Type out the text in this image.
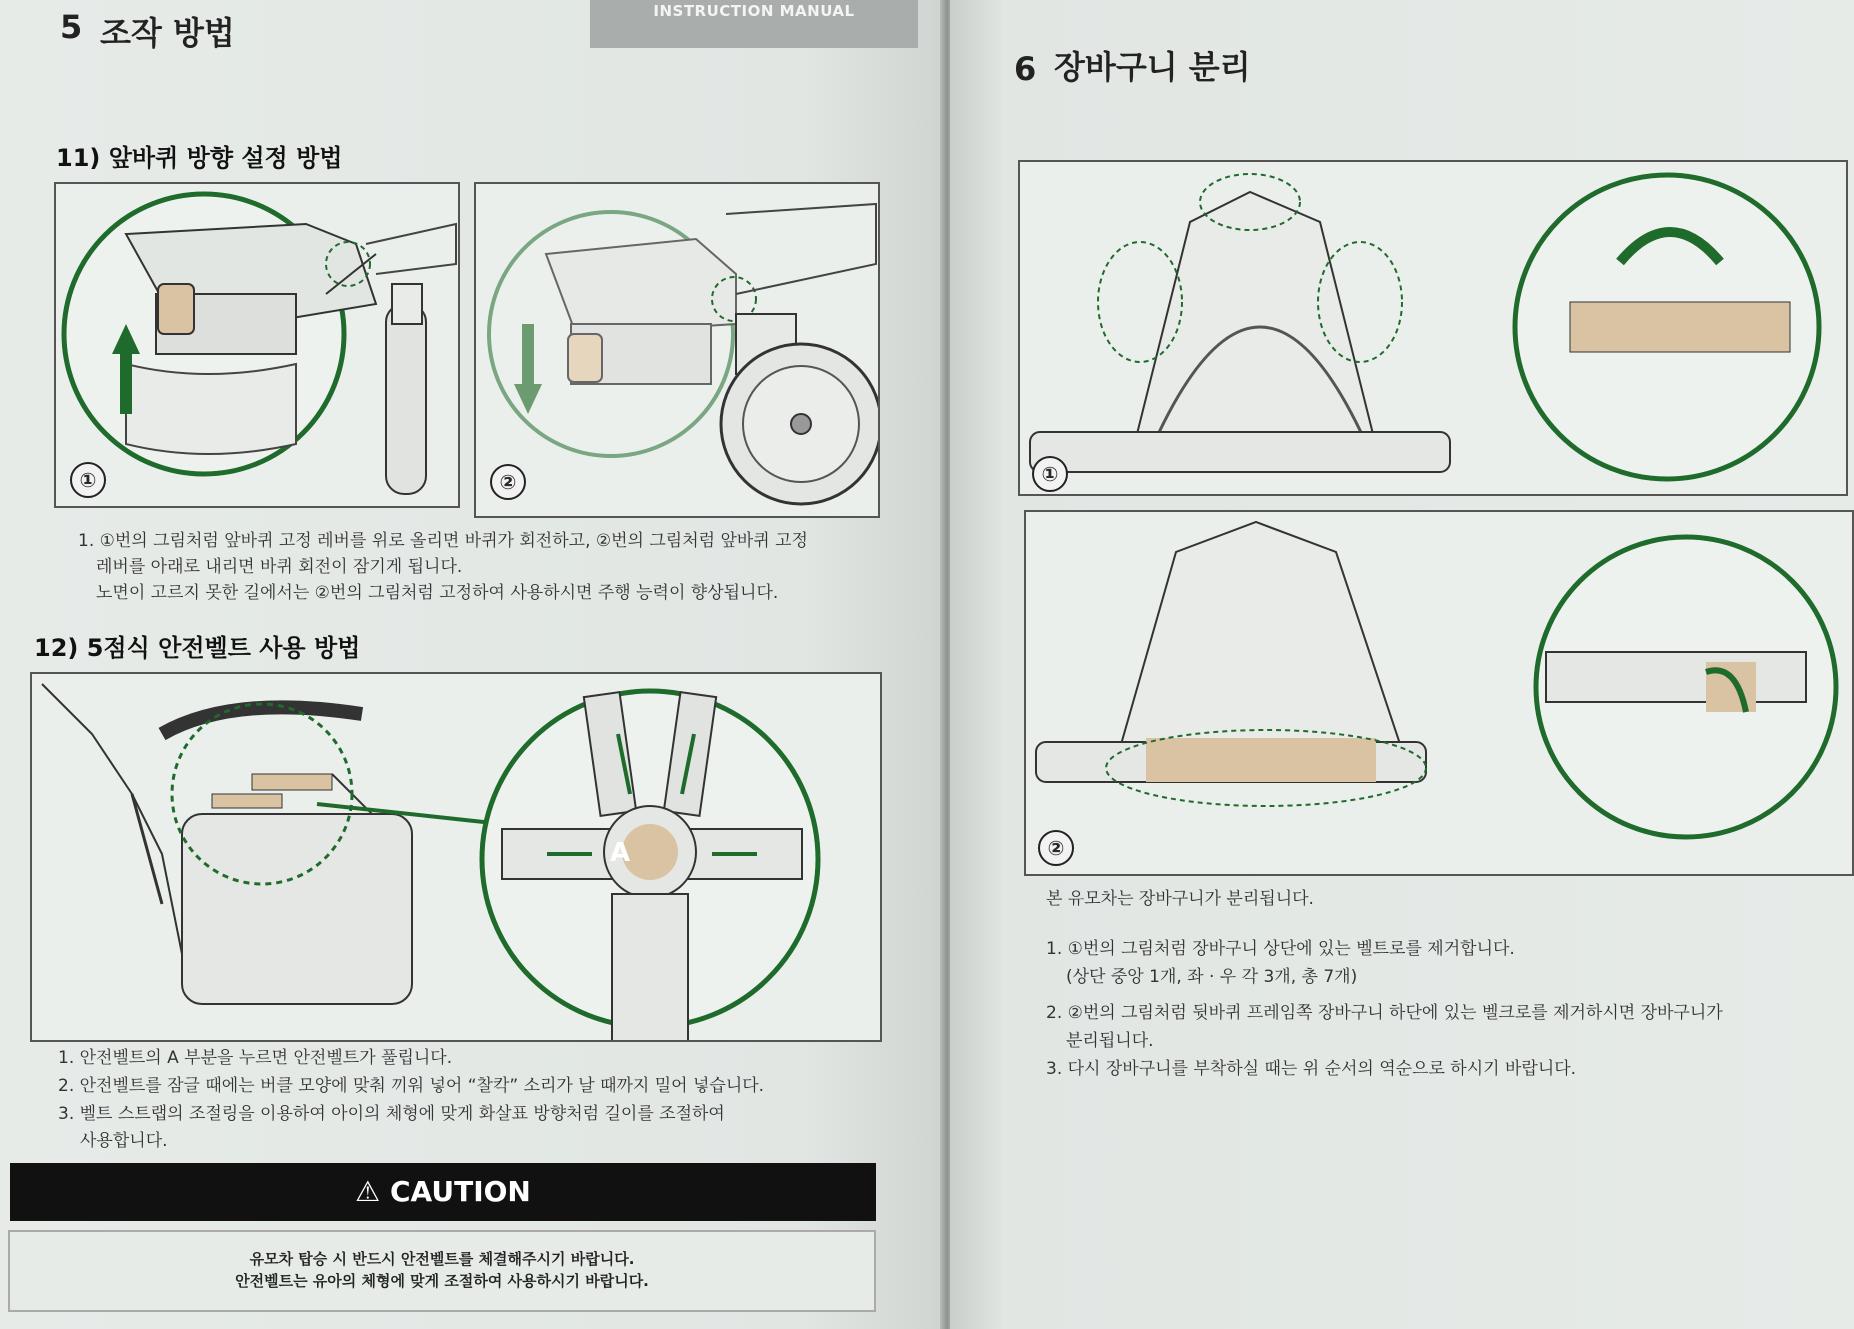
INSTRUCTION MANUAL
5 조작 방법
11) 앞바퀴 방향 설정 방법
①	②
1. ①번의 그림처럼 앞바퀴 고정 레버를 위로 올리면 바퀴가 회전하고, ②번의 그림처럼 앞바퀴 고정
레버를 아래로 내리면 바퀴 회전이 잠기게 됩니다.
노면이 고르지 못한 길에서는 ②번의 그림처럼 고정하여 사용하시면 주행 능력이 향상됩니다.
12) 5점식 안전벨트 사용 방법
A
1. 안전벨트의 A 부분을 누르면 안전벨트가 풀립니다.
2. 안전벨트를 잠글 때에는 버클 모양에 맞춰 끼워 넣어 “찰칵” 소리가 날 때까지 밀어 넣습니다.
3. 벨트 스트랩의 조절링을 이용하여 아이의 체형에 맞게 화살표 방향처럼 길이를 조절하여
사용합니다.
⚠ CAUTION
유모차 탑승 시 반드시 안전벨트를 체결해주시기 바랍니다.
안전벨트는 유아의 체형에 맞게 조절하여 사용하시기 바랍니다.
6 장바구니 분리
①
②
본 유모차는 장바구니가 분리됩니다.
1. ①번의 그림처럼 장바구니 상단에 있는 벨트로를 제거합니다.
(상단 중앙 1개, 좌 · 우 각 3개, 총 7개)
2. ②번의 그림처럼 뒷바퀴 프레임쪽 장바구니 하단에 있는 벨크로를 제거하시면 장바구니가
분리됩니다.
3. 다시 장바구니를 부착하실 때는 위 순서의 역순으로 하시기 바랍니다.
